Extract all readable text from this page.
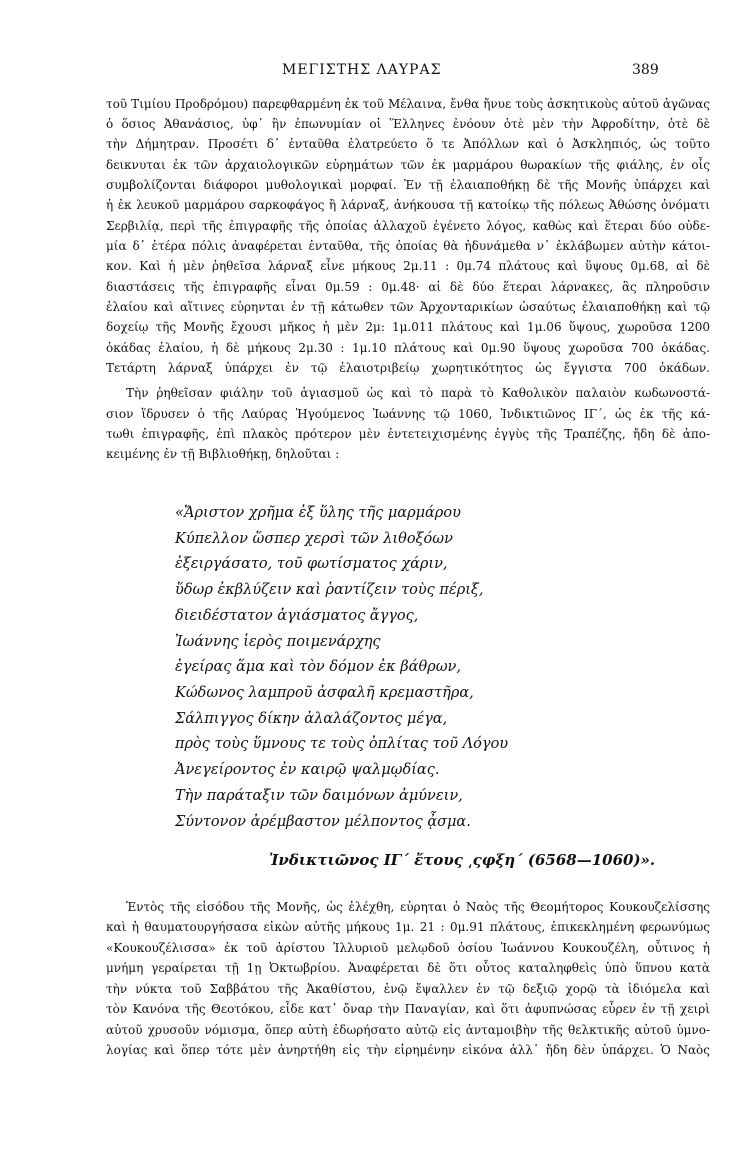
ΜΕΓΙΣΤΗΣ ΛΑΥΡΑΣ	389
τοῦ Τιμίου Προδρόμου) παρεφθαρμένη ἐκ τοῦ Μέλαινα, ἔνθα ἤνυε τοὺς ἀσκητικοὺς αὐτοῦ ἀγῶνας
ὁ ὅσιος Ἀθανάσιος, ὑφ᾽ ἣν ἐπωνυμίαν οἱ Ἕλληνες ἐνόουν ὁτὲ μὲν τὴν Ἀφροδίτην, ὁτὲ δὲ
τὴν Δήμητραν. Προσέτι δ᾽ ἐνταῦθα ἐλατρεύετο ὅ τε Ἀπόλλων καὶ ὁ Ἀσκληπιός, ὡς τοῦτο
δεικνυται ἐκ τῶν ἀρχαιολογικῶν εὑρημάτων τῶν ἐκ μαρμάρου θωρακίων τῆς φιάλης, ἐν οἷς
συμβολίζονται διάφοροι μυθολογικαὶ μορφαί. Ἐν τῇ ἐλαιαποθήκῃ δὲ τῆς Μονῆς ὑπάρχει καὶ
ἡ ἐκ λευκοῦ μαρμάρου σαρκοφάγος ἢ λάρναξ, ἀνήκουσα τῇ κατοίκῳ τῆς πόλεως Ἀθώσης ὀνόματι
Σερβιλίᾳ, περὶ τῆς ἐπιγραφῆς τῆς ὁποίας ἀλλαχοῦ ἐγένετο λόγος, καθὼς καὶ ἕτεραι δύο οὐδε-
μία δ᾽ ἑτέρα πόλις ἀναφέρεται ἐνταῦθα, τῆς ὁποίας θὰ ἠδυνάμεθα ν᾽ ἐκλάβωμεν αὐτὴν κάτοι-
κον. Καὶ ἡ μὲν ῥηθεῖσα λάρναξ εἶνε μήκους 2μ.11 : 0μ.74 πλάτους καὶ ὕψους 0μ.68, αἱ δὲ
διαστάσεις τῆς ἐπιγραφῆς εἶναι 0μ.59 : 0μ.48· αἱ δὲ δύο ἕτεραι λάρνακες, ἃς πληροῦσιν
ἐλαίου καὶ αἵτινες εὑρηνται ἐν τῇ κάτωθεν τῶν Ἀρχονταρικίων ὡσαύτως ἐλαιαποθήκῃ καὶ τῷ
δοχείῳ τῆς Μονῆς ἔχουσι μῆκος ἡ μὲν 2μ: 1μ.011 πλάτους καὶ 1μ.06 ὕψους, χωροῦσα 1200
ὀκάδας ἐλαίου, ἡ δὲ μήκους 2μ.30 : 1μ.10 πλάτους καὶ 0μ.90 ὕψους χωροῦσα 700 ὀκάδας.
Τετάρτη λάρναξ ὑπάρχει ἐν τῷ ἐλαιοτριβείῳ χωρητικότητος ὡς ἔγγιστα 700 ὀκάδων.
Τὴν ῥηθεῖσαν φιάλην τοῦ ἁγιασμοῦ ὡς καὶ τὸ παρὰ τὸ Καθολικὸν παλαιὸν κωδωνοστά-
σιον ἵδρυσεν ὁ τῆς Λαύρας Ἡγούμενος Ἰωάννης τῷ 1060, Ἰνδικτιῶνος ΙΓ´, ὡς ἐκ τῆς κά-
τωθι ἐπιγραφῆς, ἐπὶ πλακὸς πρότερον μὲν ἐντετειχισμένης ἐγγὺς τῆς Τραπέζης, ἤδη δὲ ἀπο-
κειμένης ἐν τῇ Βιβλιοθήκῃ, δηλοῦται :
«Ἄριστον χρῆμα ἐξ ὕλης τῆς μαρμάρου
Κύπελλον ὥσπερ χερσὶ τῶν λιθοξόων
ἐξειργάσατο, τοῦ φωτίσματος χάριν,
ὕδωρ ἐκβλύζειν καὶ ῥαντίζειν τοὺς πέριξ,
διειδέστατον ἁγιάσματος ἄγγος,
Ἰωάννης ἱερὸς ποιμενάρχης
ἐγείρας ἅμα καὶ τὸν δόμον ἐκ βάθρων,
Κώδωνος λαμπροῦ ἀσφαλῆ κρεμαστῆρα,
Σάλπιγγος δίκην ἀλαλάζοντος μέγα,
πρὸς τοὺς ὕμνους τε τοὺς ὁπλίτας τοῦ Λόγου
Ἀνεγείροντος ἐν καιρῷ ψαλμῳδίας.
Τὴν παράταξιν τῶν δαιμόνων ἀμύνειν,
Σύντονον ἀρέμβαστον μέλποντος ᾆσμα.
Ἰνδικτιῶνος ΙΓ´ ἔτους ͵ςφξη´ (6568—1060)».
Ἐντὸς τῆς εἰσόδου τῆς Μονῆς, ὡς ἐλέχθη, εὑρηται ὁ Ναὸς τῆς Θεομήτορος Κουκουζελίσσης
καὶ ἡ θαυματουργήσασα εἰκὼν αὐτῆς μήκους 1μ. 21 : 0μ.91 πλάτους, ἐπικεκλημένη φερωνύμως
«Κουκουζέλισσα» ἐκ τοῦ ἀρίστου Ἰλλυριοῦ μελῳδοῦ ὁσίου Ἰωάννου Κουκουζέλη, οὗτινος ἡ
μνήμη γεραίρεται τῇ 1ῃ Ὀκτωβρίου. Ἀναφέρεται δὲ ὅτι οὗτος καταληφθεὶς ὑπὸ ὕπνου κατὰ
τὴν νύκτα τοῦ Σαββάτου τῆς Ἀκαθίστου, ἐνῷ ἔψαλλεν ἐν τῷ δεξιῷ χορῷ τὰ ἰδιόμελα καὶ
τὸν Κανόνα τῆς Θεοτόκου, εἶδε κατ᾽ ὄναρ τὴν Παναγίαν, καὶ ὅτι ἀφυπνώσας εὗρεν ἐν τῇ χειρὶ
αὐτοῦ χρυσοῦν νόμισμα, ὅπερ αὐτὴ ἐδωρήσατο αὐτῷ εἰς ἀνταμοιβὴν τῆς θελκτικῆς αὐτοῦ ὑμνο-
λογίας καὶ ὅπερ τότε μὲν ἀνηρτήθη εἰς τὴν εἰρημένην εἰκόνα ἀλλ᾽ ἤδη δὲν ὑπάρχει. Ὁ Ναὸς
